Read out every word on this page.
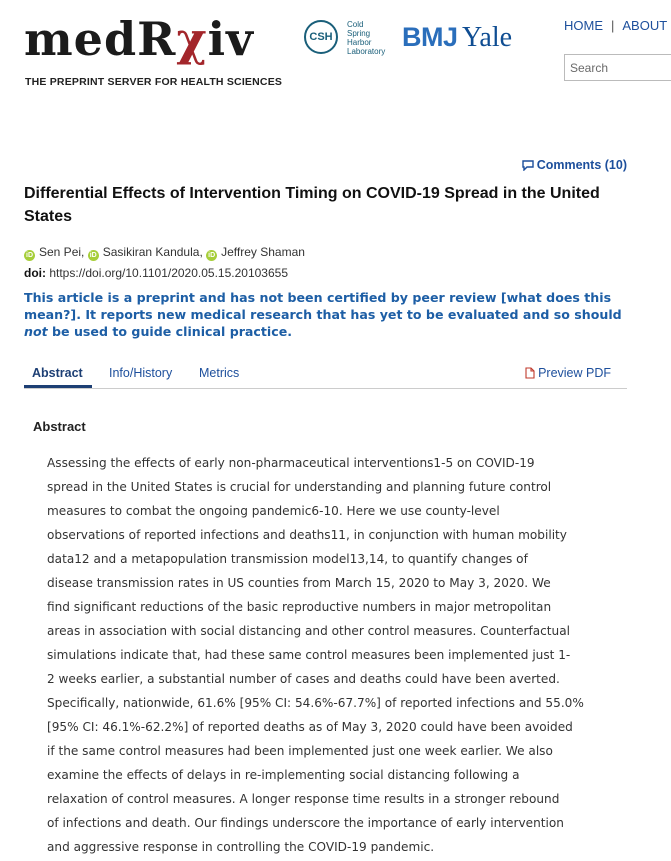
medRχiv
THE PREPRINT SERVER FOR HEALTH SCIENCES
CSH
Cold
Spring
Harbor
Laboratory BMJ Yale	HOME | ABOUT
Search
Comments (10)
Differential Effects of Intervention Timing on COVID-19 Spread in the United States
iD Sen Pei, iD Sasikiran Kandula, iD Jeffrey Shaman
doi: https://doi.org/10.1101/2020.05.15.20103655
This article is a preprint and has not been certified by peer review [what does this mean?]. It reports new medical research that has yet to be evaluated and so should not be used to guide clinical practice.
Abstract Info/History Metrics	Preview PDF
Abstract
Assessing the effects of early non-pharmaceutical interventions1-5 on COVID-19
spread in the United States is crucial for understanding and planning future control
measures to combat the ongoing pandemic6-10. Here we use county-level
observations of reported infections and deaths11, in conjunction with human mobility
data12 and a metapopulation transmission model13,14, to quantify changes of
disease transmission rates in US counties from March 15, 2020 to May 3, 2020. We
find significant reductions of the basic reproductive numbers in major metropolitan
areas in association with social distancing and other control measures. Counterfactual
simulations indicate that, had these same control measures been implemented just 1-
2 weeks earlier, a substantial number of cases and deaths could have been averted.
Specifically, nationwide, 61.6% [95% CI: 54.6%-67.7%] of reported infections and 55.0%
[95% CI: 46.1%-62.2%] of reported deaths as of May 3, 2020 could have been avoided
if the same control measures had been implemented just one week earlier. We also
examine the effects of delays in re-implementing social distancing following a
relaxation of control measures. A longer response time results in a stronger rebound
of infections and death. Our findings underscore the importance of early intervention
and aggressive response in controlling the COVID-19 pandemic.
